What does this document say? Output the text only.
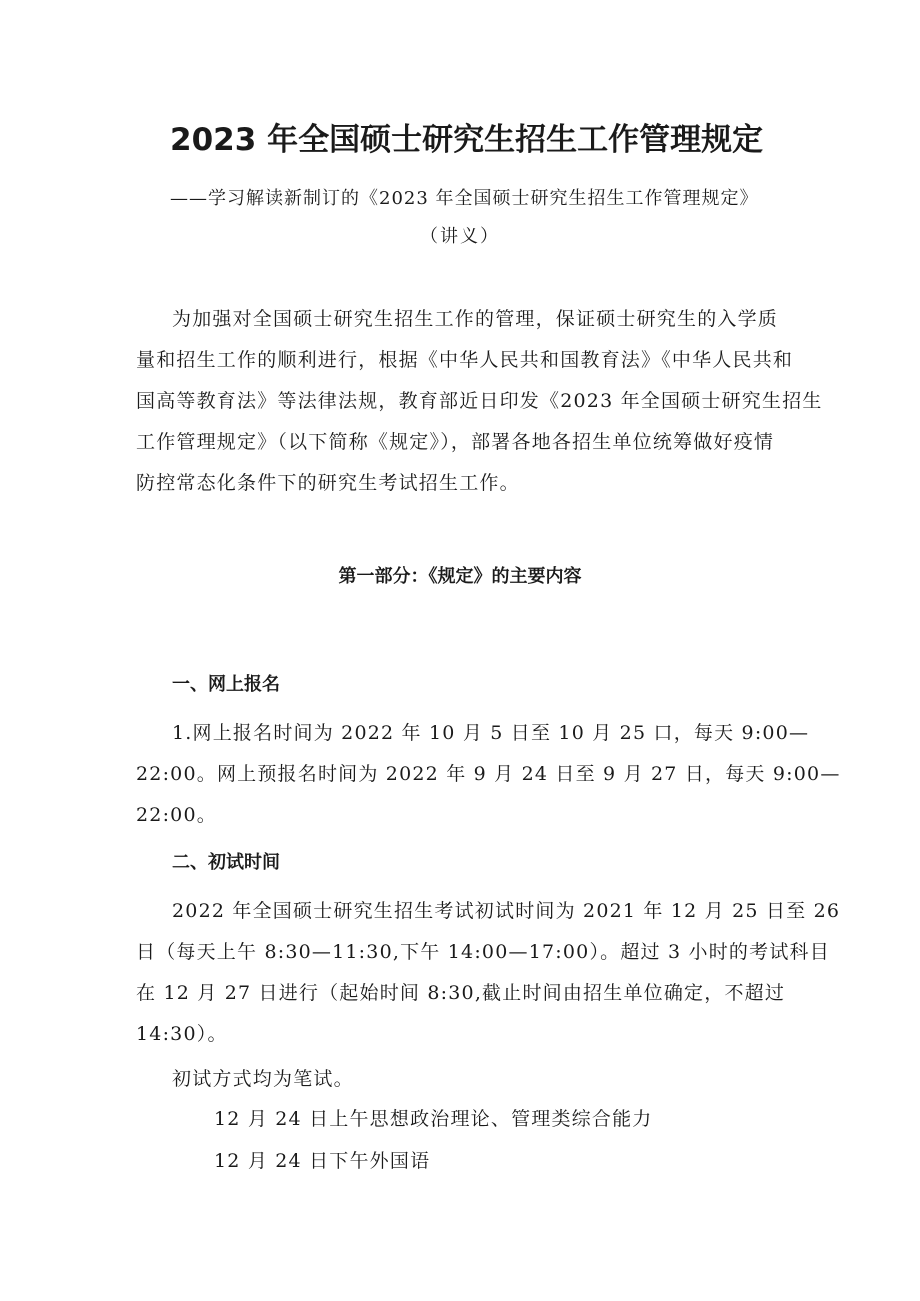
2023 年全国硕士研究生招生工作管理规定
——学习解读新制订的《2023 年全国硕士研究生招生工作管理规定》
（讲义）
为加强对全国硕士研究生招生工作的管理，保证硕士研究生的入学质
量和招生工作的顺利进行，根据《中华人民共和国教育法》《中华人民共和
国高等教育法》等法律法规，教育部近日印发《2023 年全国硕士研究生招生
工作管理规定》（以下简称《规定》），部署各地各招生单位统筹做好疫情
防控常态化条件下的研究生考试招生工作。
第一部分：《规定》的主要内容
一、网上报名
1.网上报名时间为 2022 年 10 月 5 日至 10 月 25 口，每天 9:00—
22:00。网上预报名时间为 2022 年 9 月 24 日至 9 月 27 日，每天 9:00—
22:00。
二、初试时间
2022 年全国硕士研究生招生考试初试时间为 2021 年 12 月 25 日至 26
日（每天上午 8:30—11:30,下午 14:00—17:00）。超过 3 小时的考试科目
在 12 月 27 日进行（起始时间 8:30,截止时间由招生单位确定，不超过
14:30）。
初试方式均为笔试。
12 月 24 日上午思想政治理论、管理类综合能力
12 月 24 日下午外国语
